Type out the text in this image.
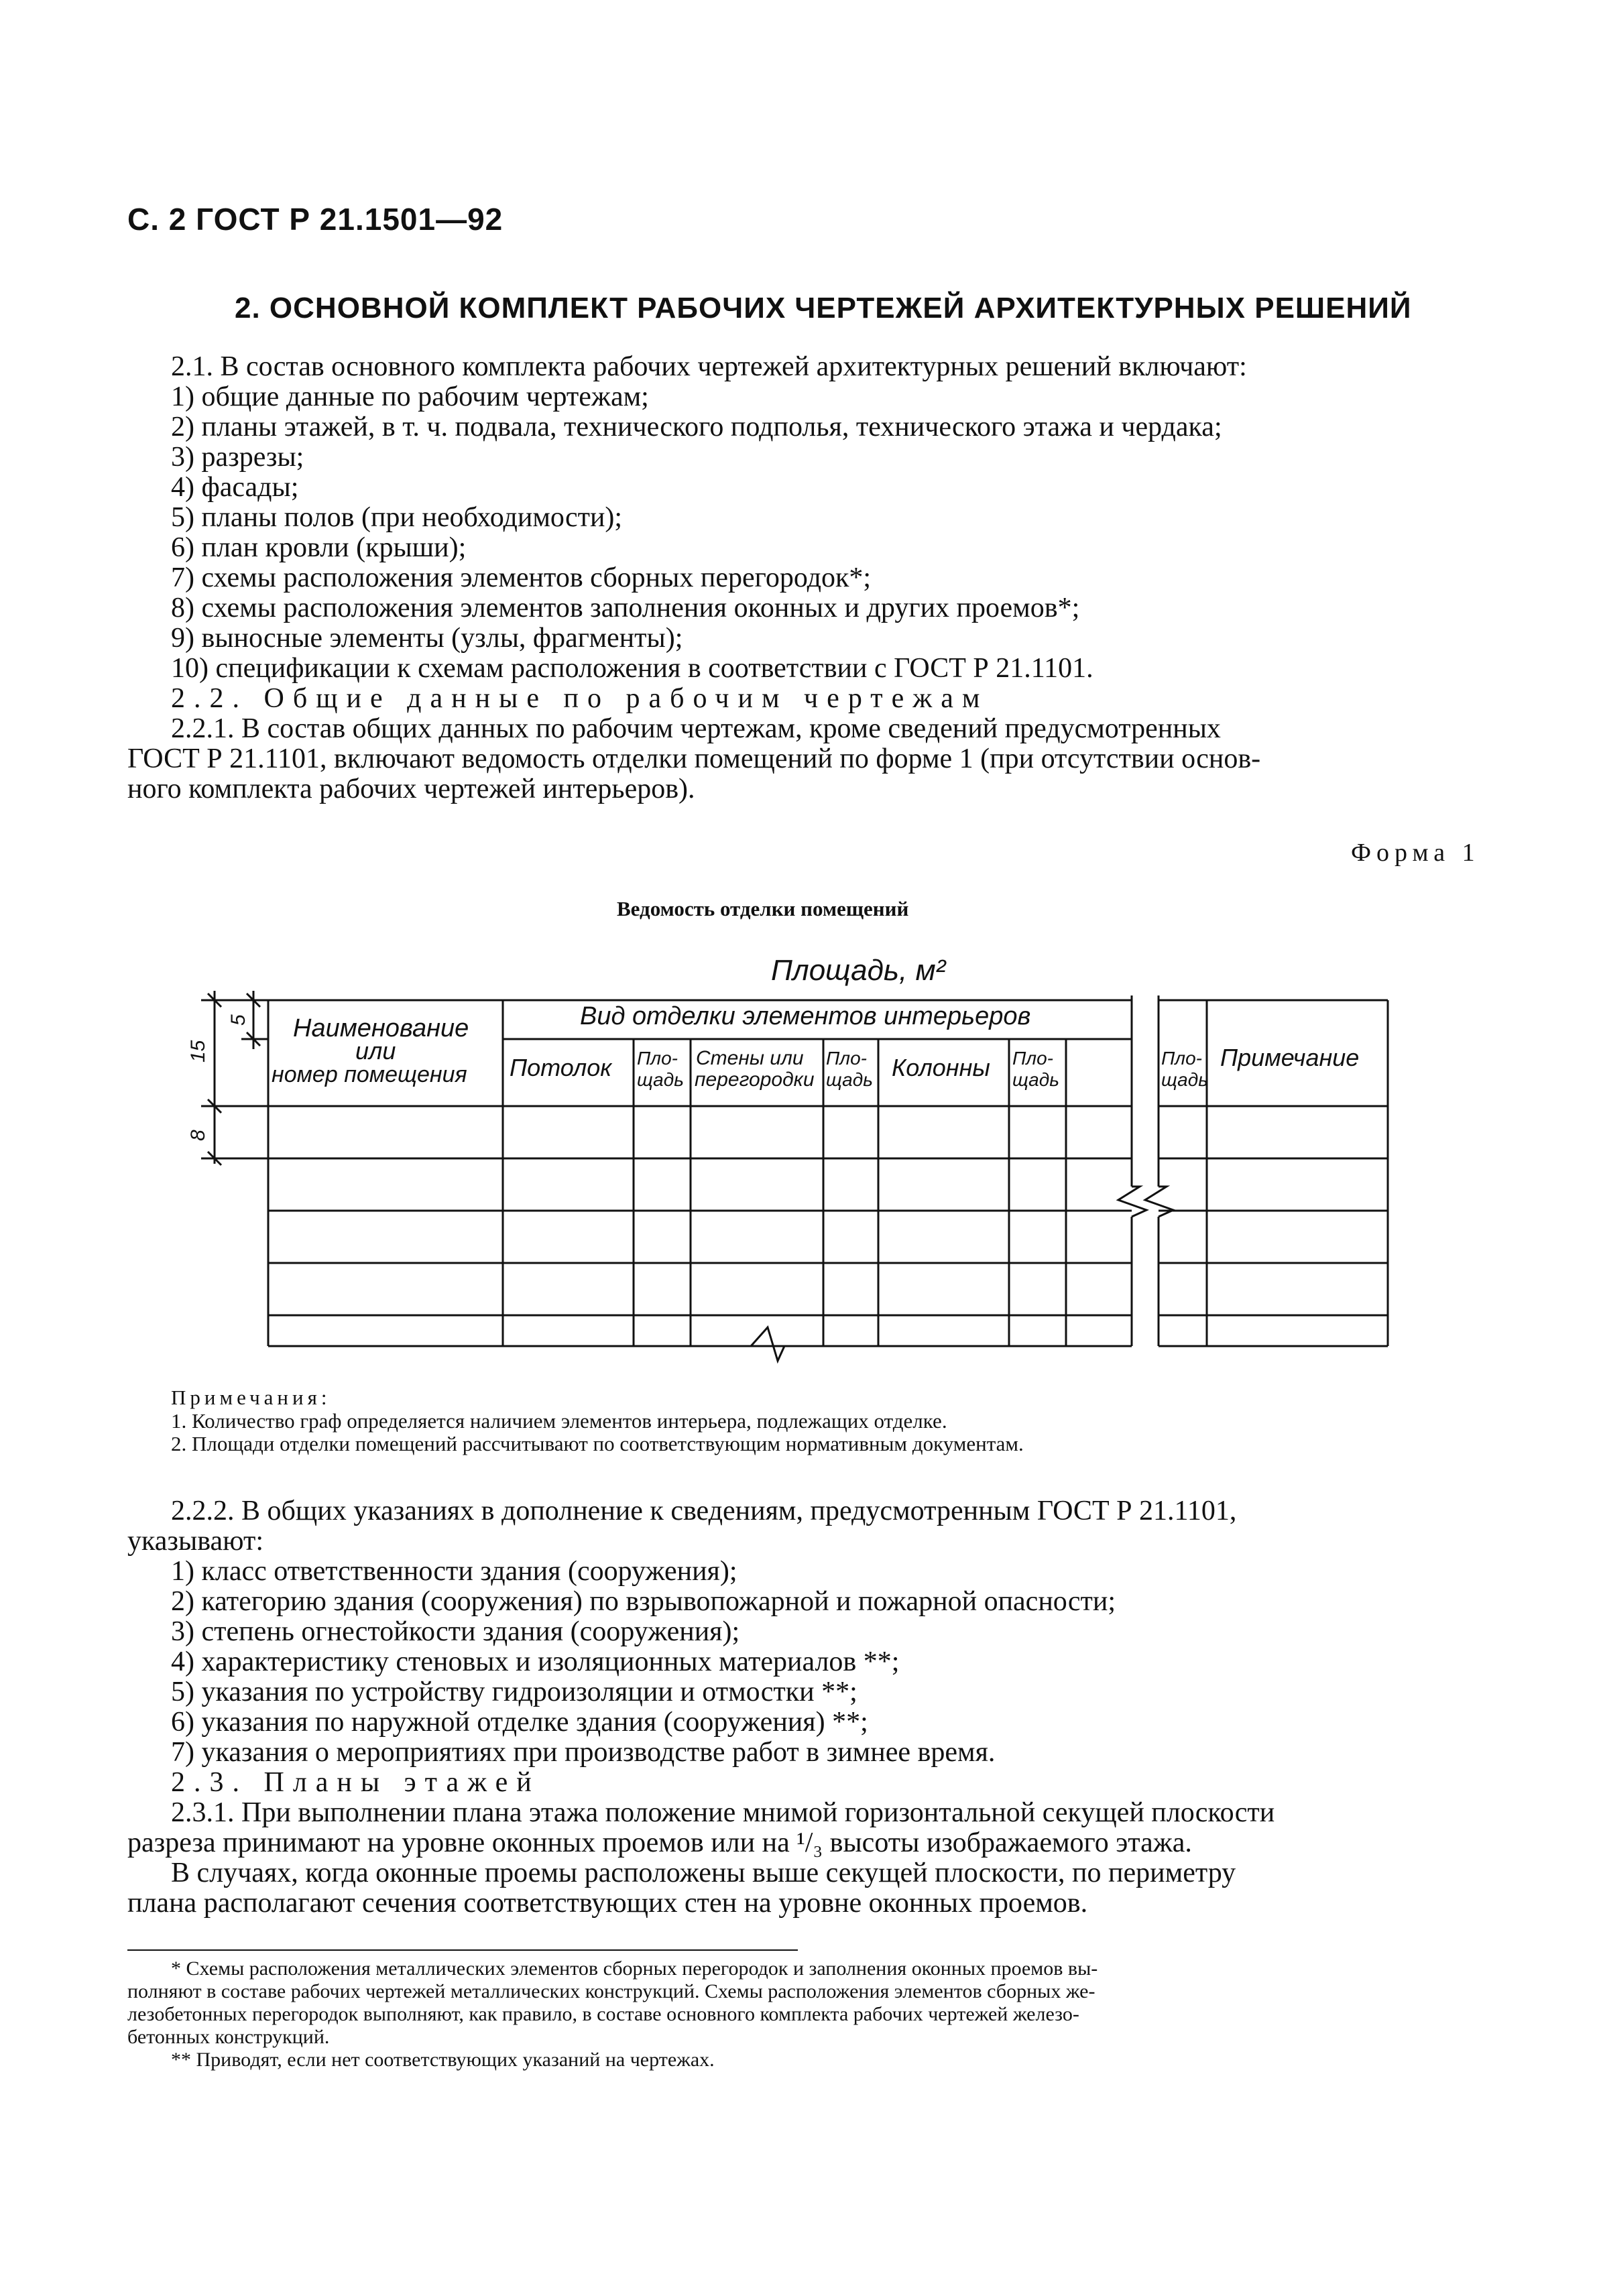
С. 2 ГОСТ Р 21.1501—92
2. ОСНОВНОЙ КОМПЛЕКТ РАБОЧИХ ЧЕРТЕЖЕЙ АРХИТЕКТУРНЫХ РЕШЕНИЙ
2.1. В состав основного комплекта рабочих чертежей архитектурных решений включают:
1) общие данные по рабочим чертежам;
2) планы этажей, в т. ч. подвала, технического подполья, технического этажа и чердака;
3) разрезы;
4) фасады;
5) планы полов (при необходимости);
6) план кровли (крыши);
7) схемы расположения элементов сборных перегородок*;
8) схемы расположения элементов заполнения оконных и других проемов*;
9) выносные элементы (узлы, фрагменты);
10) спецификации к схемам расположения в соответствии с ГОСТ Р 21.1101.
2.2. Общие данные по рабочим чертежам
2.2.1. В состав общих данных по рабочим чертежам, кроме сведений предусмотренных
ГОСТ Р 21.1101, включают ведомость отделки помещений по форме 1 (при отсутствии основ-
ного комплекта рабочих чертежей интерьеров).
Форма 1
Ведомость отделки помещений
Площадь, м²
Наименование
или
номер помещения
Вид отделки элементов интерьеров
Потолок Пло-
щадь
Стены или
перегородки
Пло-
щадь Колонны Пло-
щадь
Пло-
щадь
Примечание
15
5
8
Примечания:
1. Количество граф определяется наличием элементов интерьера, подлежащих отделке.
2. Площади отделки помещений рассчитывают по соответствующим нормативным документам.
2.2.2. В общих указаниях в дополнение к сведениям, предусмотренным ГОСТ Р 21.1101,
указывают:
1) класс ответственности здания (сооружения);
2) категорию здания (сооружения) по взрывопожарной и пожарной опасности;
3) степень огнестойкости здания (сооружения);
4) характеристику стеновых и изоляционных материалов **;
5) указания по устройству гидроизоляции и отмостки **;
6) указания по наружной отделке здания (сооружения) **;
7) указания о мероприятиях при производстве работ в зимнее время.
2.3. Планы этажей
2.3.1. При выполнении плана этажа положение мнимой горизонтальной секущей плоскости
разреза принимают на уровне оконных проемов или на ¹/₃ высоты изображаемого этажа.
В случаях, когда оконные проемы расположены выше секущей плоскости, по периметру
плана располагают сечения соответствующих стен на уровне оконных проемов.
* Схемы расположения металлических элементов сборных перегородок и заполнения оконных проемов вы-
полняют в составе рабочих чертежей металлических конструкций. Схемы расположения элементов сборных же-
лезобетонных перегородок выполняют, как правило, в составе основного комплекта рабочих чертежей железо-
бетонных конструкций.
** Приводят, если нет соответствующих указаний на чертежах.
